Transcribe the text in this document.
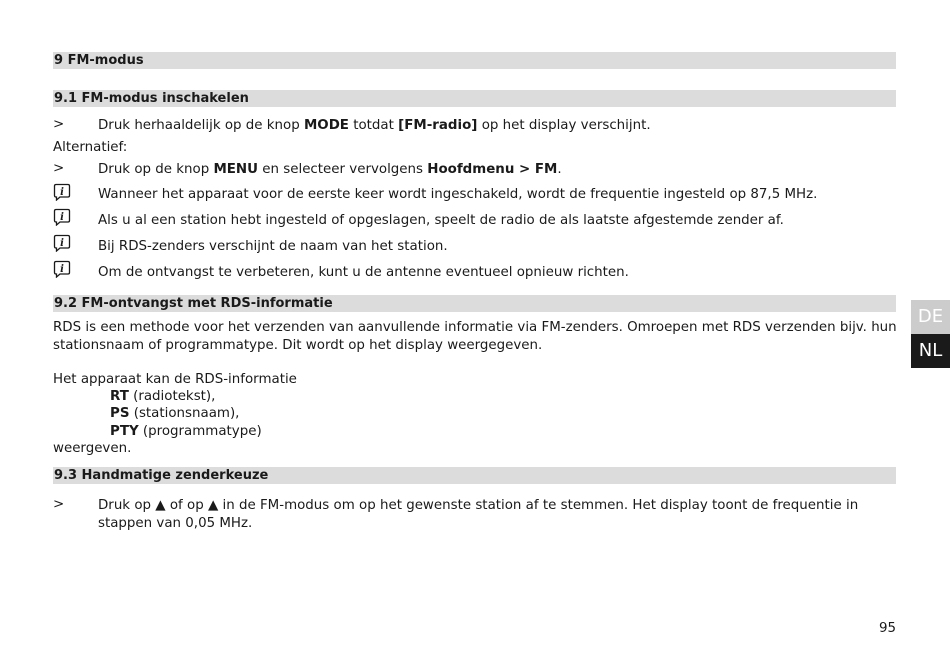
9 FM-modus
9.1 FM-modus inschakelen
>	Druk herhaaldelijk op de knop MODE totdat [FM-radio] op het display verschijnt.
Alternatief:
>	Druk op de knop MENU en selecteer vervolgens Hoofdmenu > FM.
i	Wanneer het apparaat voor de eerste keer wordt ingeschakeld, wordt de frequentie ingesteld op 87,5 MHz.
i	Als u al een station hebt ingesteld of opgeslagen, speelt de radio de als laatste afgestemde zender af.
i	Bij RDS-zenders verschijnt de naam van het station.
i	Om de ontvangst te verbeteren, kunt u de antenne eventueel opnieuw richten.
9.2 FM-ontvangst met RDS-informatie
RDS is een methode voor het verzenden van aanvullende informatie via FM-zenders. Omroepen met RDS verzenden bijv. hun
stationsnaam of programmatype. Dit wordt op het display weergegeven.
Het apparaat kan de RDS-informatie
RT (radiotekst),
PS (stationsnaam),
PTY (programmatype)
weergeven.
9.3 Handmatige zenderkeuze
>	Druk op ▲ of op ▲ in de FM-modus om op het gewenste station af te stemmen. Het display toont de frequentie in
stappen van 0,05 MHz.
DE
NL
95
